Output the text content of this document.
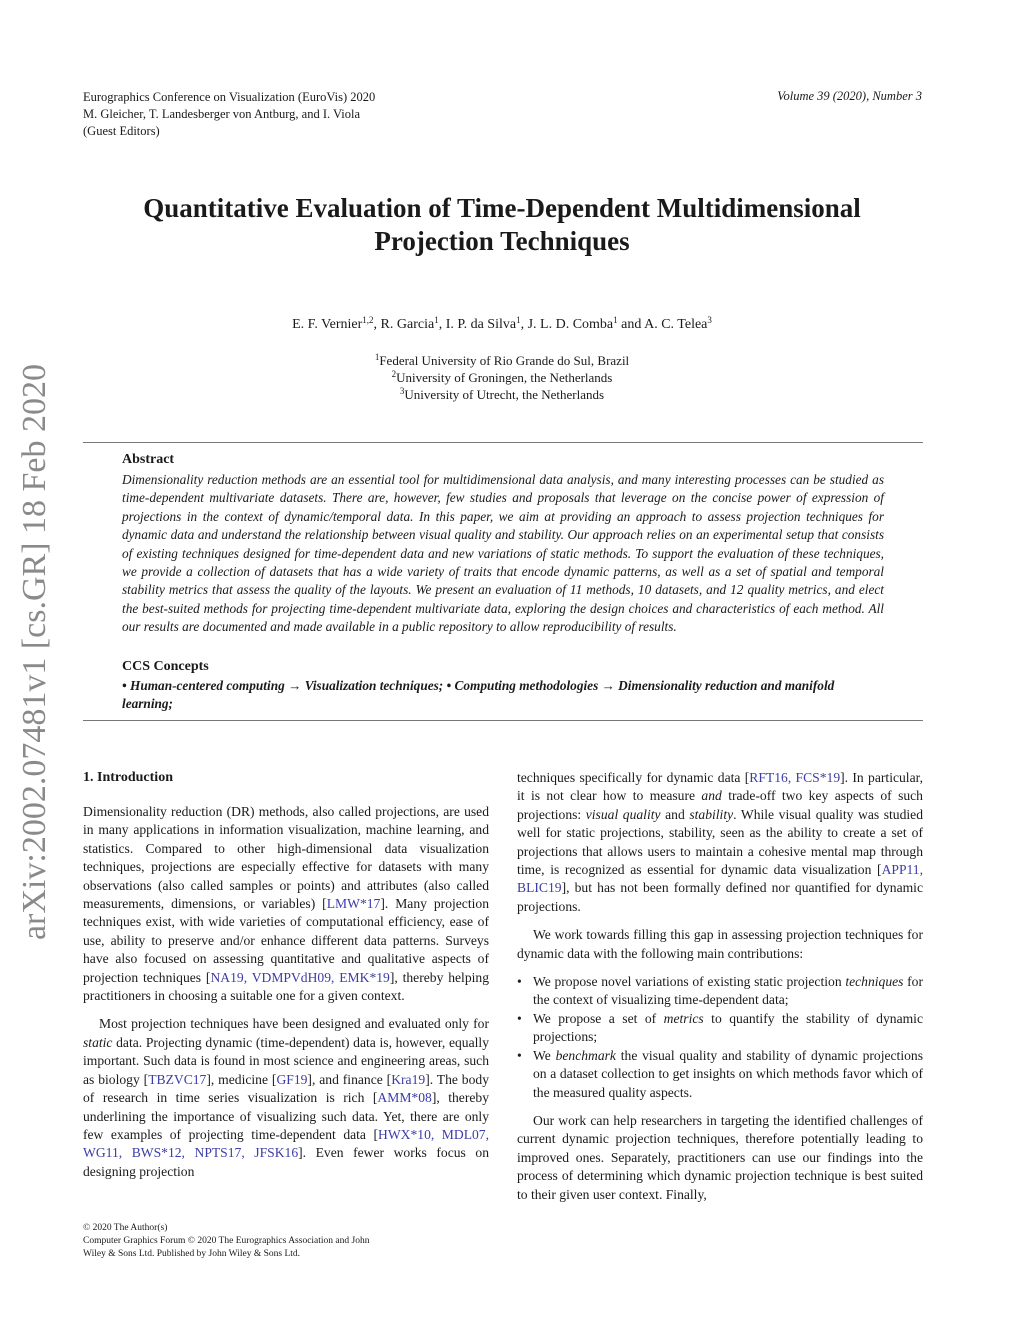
arXiv:2002.07481v1 [cs.GR] 18 Feb 2020
Eurographics Conference on Visualization (EuroVis) 2020
M. Gleicher, T. Landesberger von Antburg, and I. Viola
(Guest Editors)
Volume 39 (2020), Number 3
Quantitative Evaluation of Time-Dependent Multidimensional
Projection Techniques
E. F. Vernier$^{1,2}$, R. Garcia$^1$, I. P. da Silva$^1$, J. L. D. Comba$^1$ and A. C. Telea$^3$
$^1$Federal University of Rio Grande do Sul, Brazil
$^2$University of Groningen, the Netherlands
$^3$University of Utrecht, the Netherlands
Abstract
Dimensionality reduction methods are an essential tool for multidimensional data analysis, and many interesting processes can be studied as time-dependent multivariate datasets. There are, however, few studies and proposals that leverage on the concise power of expression of projections in the context of dynamic/temporal data. In this paper, we aim at providing an approach to assess projection techniques for dynamic data and understand the relationship between visual quality and stability. Our approach relies on an experimental setup that consists of existing techniques designed for time-dependent data and new variations of static methods. To support the evaluation of these techniques, we provide a collection of datasets that has a wide variety of traits that encode dynamic patterns, as well as a set of spatial and temporal stability metrics that assess the quality of the layouts. We present an evaluation of 11 methods, 10 datasets, and 12 quality metrics, and elect the best-suited methods for projecting time-dependent multivariate data, exploring the design choices and characteristics of each method. All our results are documented and made available in a public repository to allow reproducibility of results.
CCS Concepts
• Human-centered computing → Visualization techniques; • Computing methodologies → Dimensionality reduction and manifold learning;
1. Introduction

Dimensionality reduction (DR) methods, also called projections, are used in many applications in information visualization, machine learning, and statistics. Compared to other high-dimensional data visualization techniques, projections are especially effective for datasets with many observations (also called samples or points) and attributes (also called measurements, dimensions, or variables) [LMW*17]. Many projection techniques exist, with wide varieties of computational efficiency, ease of use, ability to preserve and/or enhance different data patterns. Surveys have also focused on assessing quantitative and qualitative aspects of projection techniques [NA19, VDMPVdH09, EMK*19], thereby helping practitioners in choosing a suitable one for a given context.

Most projection techniques have been designed and evaluated only for static data. Projecting dynamic (time-dependent) data is, however, equally important. Such data is found in most science and engineering areas, such as biology [TBZVC17], medicine [GF19], and finance [Kra19]. The body of research in time series visualization is rich [AMM*08], thereby underlining the importance of visualizing such data. Yet, there are only few examples of projecting time-dependent data [HWX*10, MDL07, WG11, BWS*12, NPTS17, JFSK16]. Even fewer works focus on designing projection

techniques specifically for dynamic data [RFT16, FCS*19]. In particular, it is not clear how to measure and trade-off two key aspects of such projections: visual quality and stability. While visual quality was studied well for static projections, stability, seen as the ability to create a set of projections that allows users to maintain a cohesive mental map through time, is recognized as essential for dynamic data visualization [APP11, BLIC19], but has not been formally defined nor quantified for dynamic projections.

We work towards filling this gap in assessing projection techniques for dynamic data with the following main contributions:

• We propose novel variations of existing static projection techniques for the context of visualizing time-dependent data;
• We propose a set of metrics to quantify the stability of dynamic projections;
• We benchmark the visual quality and stability of dynamic projections on a dataset collection to get insights on which methods favor which of the measured quality aspects.

Our work can help researchers in targeting the identified challenges of current dynamic projection techniques, therefore potentially leading to improved ones. Separately, practitioners can use our findings into the process of determining which dynamic projection technique is best suited to their given user context. Finally,

© 2020 The Author(s)
Computer Graphics Forum © 2020 The Eurographics Association and John
Wiley & Sons Ltd. Published by John Wiley & Sons Ltd.
